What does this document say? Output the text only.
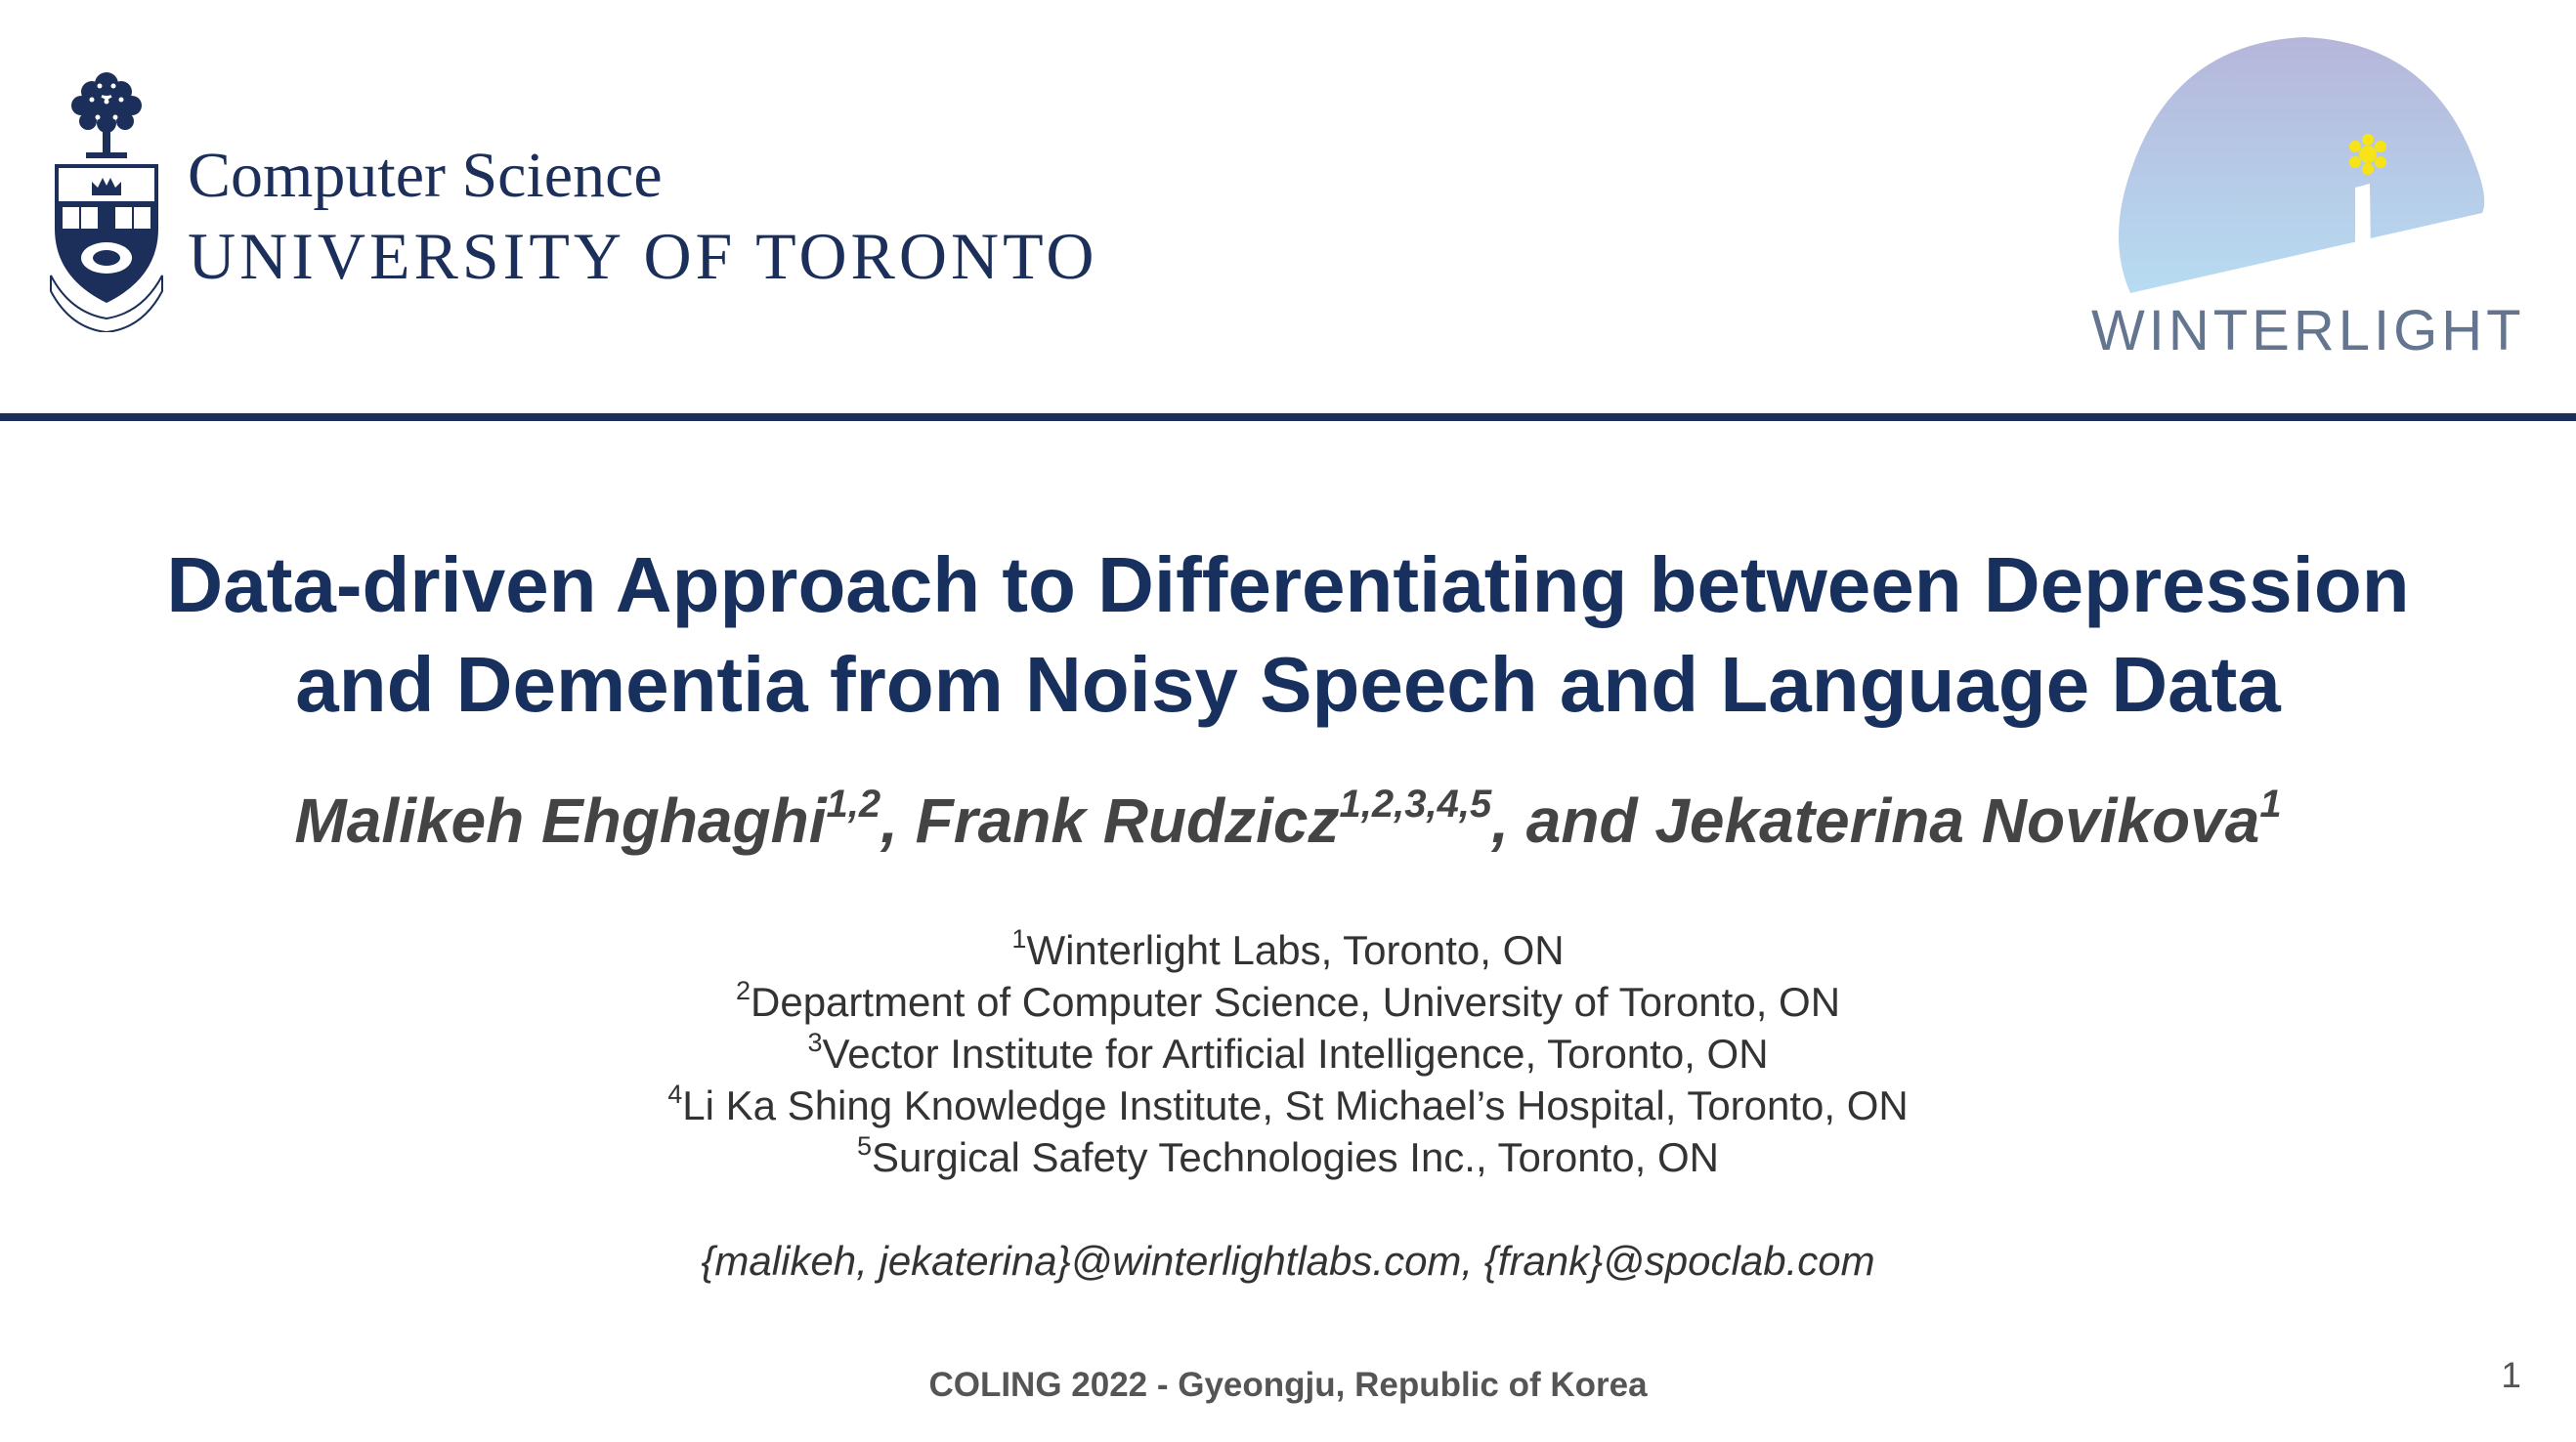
Computer Science
UNIVERSITY OF TORONTO
WINTERLIGHT
Data-driven Approach to Differentiating between Depression
and Dementia from Noisy Speech and Language Data
Malikeh Ehghaghi$^{1,2}$, Frank Rudzicz$^{1,2,3,4,5}$, and Jekaterina Novikova$^1$
$^1$Winterlight Labs, Toronto, ON
$^2$Department of Computer Science, University of Toronto, ON
$^3$Vector Institute for Artificial Intelligence, Toronto, ON
$^4$Li Ka Shing Knowledge Institute, St Michael’s Hospital, Toronto, ON
$^5$Surgical Safety Technologies Inc., Toronto, ON
{malikeh, jekaterina}@winterlightlabs.com, {frank}@spoclab.com
COLING 2022 - Gyeongju, Republic of Korea	1
